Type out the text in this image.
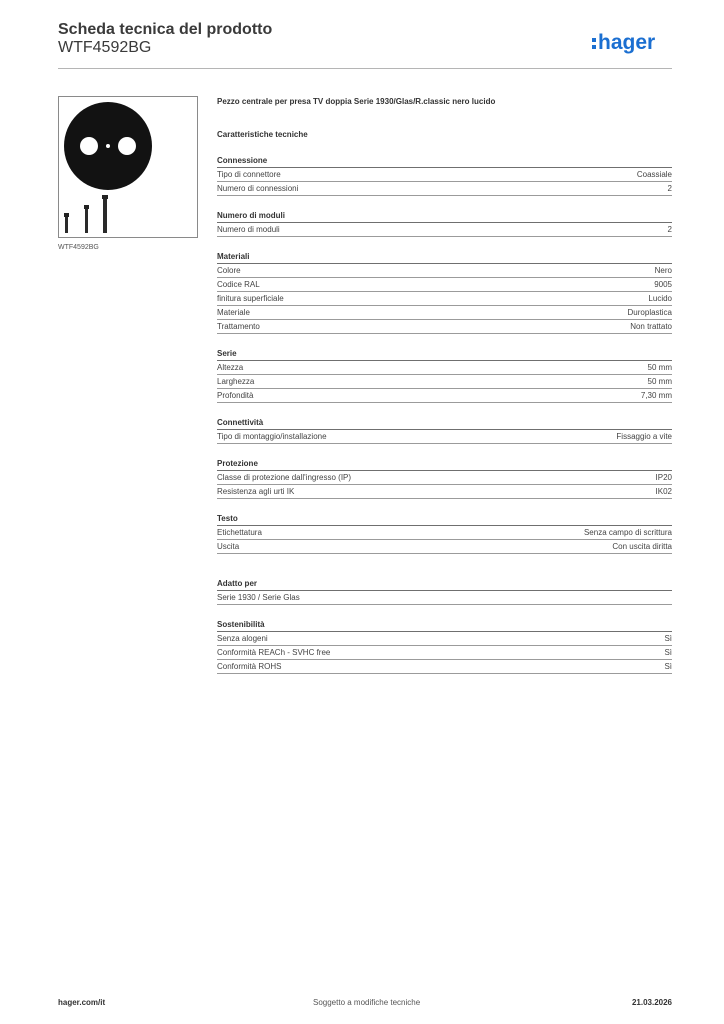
Scheda tecnica del prodotto
WTF4592BG	hager
WTF4592BG
Pezzo centrale per presa TV doppia Serie 1930/Glas/R.classic nero lucido
Caratteristiche tecniche
Connessione
Tipo di connettore	Coassiale
Numero di connessioni	2
Numero di moduli
Numero di moduli	2
Materiali
Colore	Nero
Codice RAL	9005
finitura superficiale	Lucido
Materiale	Duroplastica
Trattamento	Non trattato
Serie
Altezza	50 mm
Larghezza	50 mm
Profondità	7,30 mm
Connettività
Tipo di montaggio/installazione	Fissaggio a vite
Protezione
Classe di protezione dall'ingresso (IP)	IP20
Resistenza agli urti IK	IK02
Testo
Etichettatura	Senza campo di scrittura
Uscita	Con uscita diritta
Adatto per
Serie 1930 / Serie Glas
Sostenibilità
Senza alogeni	Sì
Conformità REACh - SVHC free	Sì
Conformità ROHS	Sì
hager.com/it	Soggetto a modifiche tecniche	21.03.2026
